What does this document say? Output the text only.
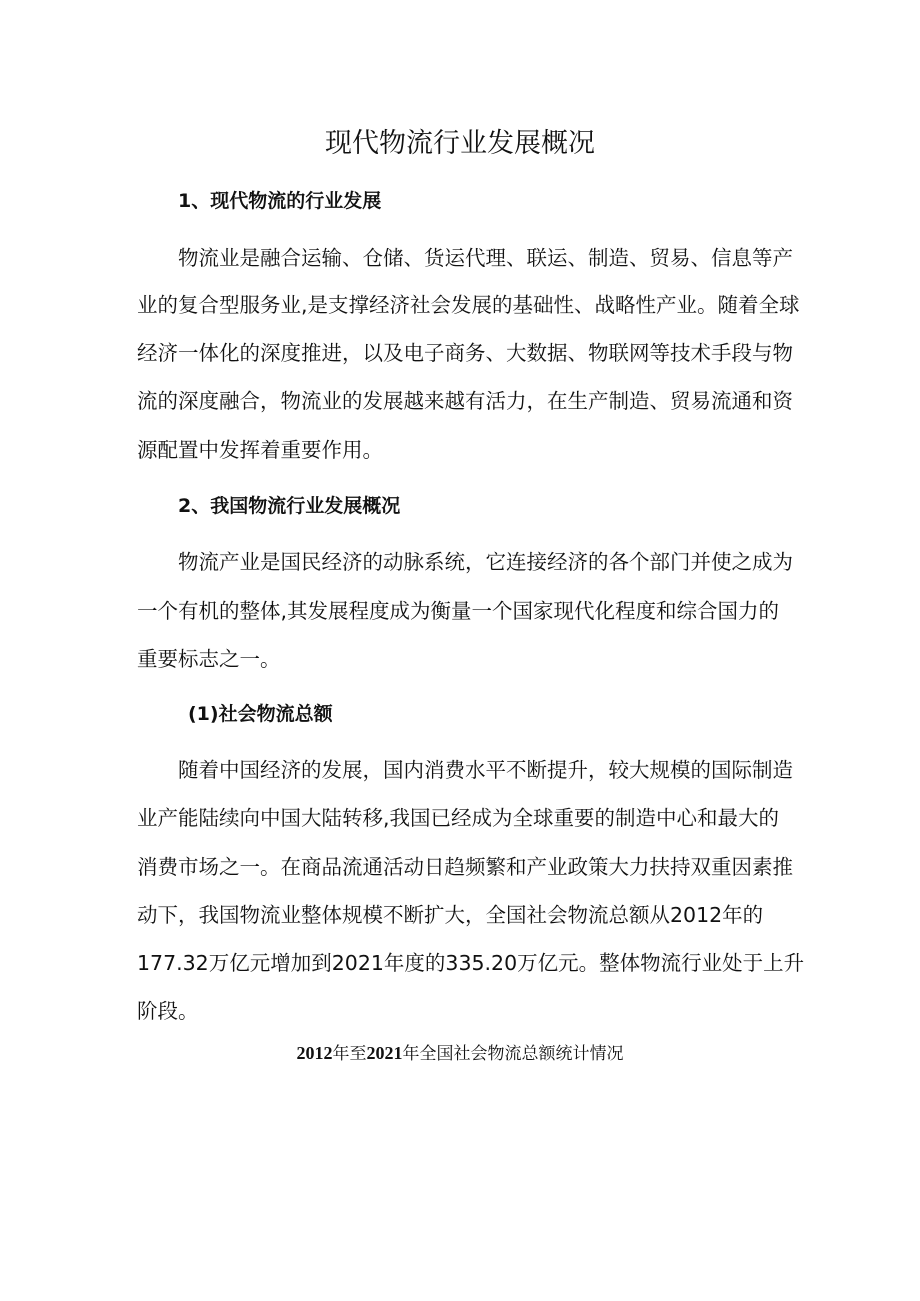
现代物流行业发展概况
1、现代物流的行业发展
物流业是融合运输、仓储、货运代理、联运、制造、贸易、信息等产
业的复合型服务业,是支撑经济社会发展的基础性、战略性产业。随着全球
经济一体化的深度推进，以及电子商务、大数据、物联网等技术手段与物
流的深度融合，物流业的发展越来越有活力，在生产制造、贸易流通和资
源配置中发挥着重要作用。
2、我国物流行业发展概况
物流产业是国民经济的动脉系统，它连接经济的各个部门并使之成为
一个有机的整体,其发展程度成为衡量一个国家现代化程度和综合国力的
重要标志之一。
(1)社会物流总额
随着中国经济的发展，国内消费水平不断提升，较大规模的国际制造
业产能陆续向中国大陆转移,我国已经成为全球重要的制造中心和最大的
消费市场之一。在商品流通活动日趋频繁和产业政策大力扶持双重因素推
动下，我国物流业整体规模不断扩大，全国社会物流总额从2012年的
177.32万亿元增加到2021年度的335.20万亿元。整体物流行业处于上升
阶段。
2012年至2021年全国社会物流总额统计情况
